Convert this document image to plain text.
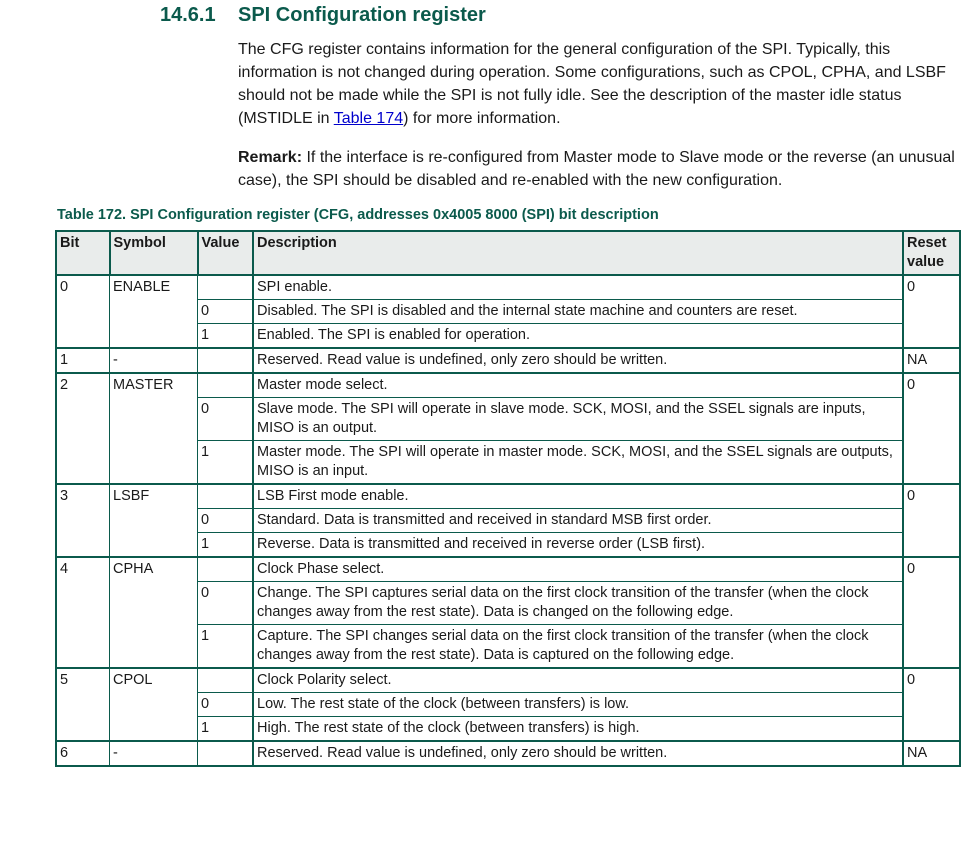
14.6.1 SPI Configuration register
The CFG register contains information for the general configuration of the SPI. Typically, this information is not changed during operation. Some configurations, such as CPOL, CPHA, and LSBF should not be made while the SPI is not fully idle. See the description of the master idle status (MSTIDLE in Table 174) for more information.
Remark: If the interface is re-configured from Master mode to Slave mode or the reverse (an unusual case), the SPI should be disabled and re-enabled with the new configuration.
Table 172. SPI Configuration register (CFG, addresses 0x4005 8000 (SPI) bit description
Bit	Symbol	Value	Description	Reset value
0	ENABLE		SPI enable.	0
		0	Disabled. The SPI is disabled and the internal state machine and counters are reset.	
		1	Enabled. The SPI is enabled for operation.	
1	-		Reserved. Read value is undefined, only zero should be written.	NA
2	MASTER		Master mode select.	0
		0	Slave mode. The SPI will operate in slave mode. SCK, MOSI, and the SSEL signals are inputs, MISO is an output.	
		1	Master mode. The SPI will operate in master mode. SCK, MOSI, and the SSEL signals are outputs, MISO is an input.	
3	LSBF		LSB First mode enable.	0
		0	Standard. Data is transmitted and received in standard MSB first order.	
		1	Reverse. Data is transmitted and received in reverse order (LSB first).	
4	CPHA		Clock Phase select.	0
		0	Change. The SPI captures serial data on the first clock transition of the transfer (when the clock changes away from the rest state). Data is changed on the following edge.	
		1	Capture. The SPI changes serial data on the first clock transition of the transfer (when the clock changes away from the rest state). Data is captured on the following edge.	
5	CPOL		Clock Polarity select.	0
		0	Low. The rest state of the clock (between transfers) is low.	
		1	High. The rest state of the clock (between transfers) is high.	
6	-		Reserved. Read value is undefined, only zero should be written.	NA
